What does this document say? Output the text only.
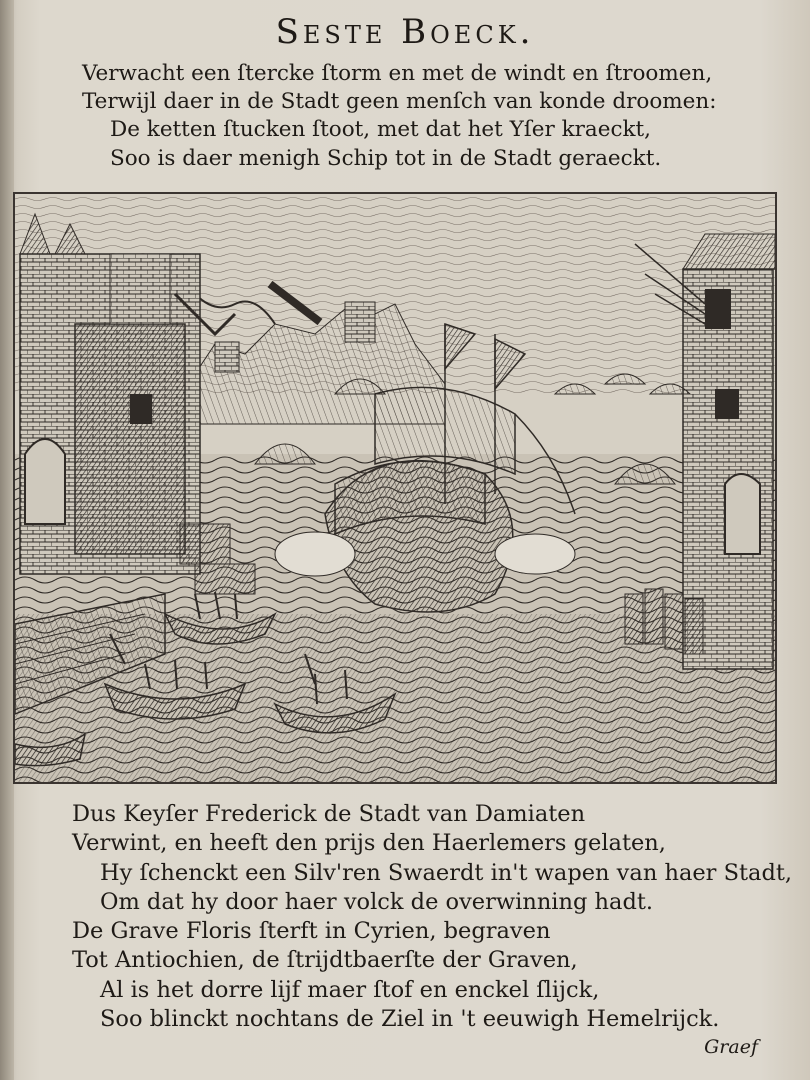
Seste Boeck.
Verwacht een ſtercke ſtorm en met de windt en ſtroomen,
Terwijl daer in de Stadt geen menſch van konde droomen:
De ketten ſtucken ſtoot, met dat het Yſer kraeckt,
Soo is daer menigh Schip tot in de Stadt geraeckt.
Dus Keyſer Frederick de Stadt van Damiaten
Verwint, en heeft den prijs den Haerlemers gelaten,
Hy ſchenckt een Silv'ren Swaerdt in't wapen van haer Stadt,
Om dat hy door haer volck de overwinning hadt.
De Grave Floris ſterft in Cyrien, begraven
Tot Antiochien, de ſtrijdtbaerſte der Graven,
Al is het dorre lijf maer ſtof en enckel ſlijck,
Soo blinckt nochtans de Ziel in 't eeuwigh Hemelrijck.
Graef
